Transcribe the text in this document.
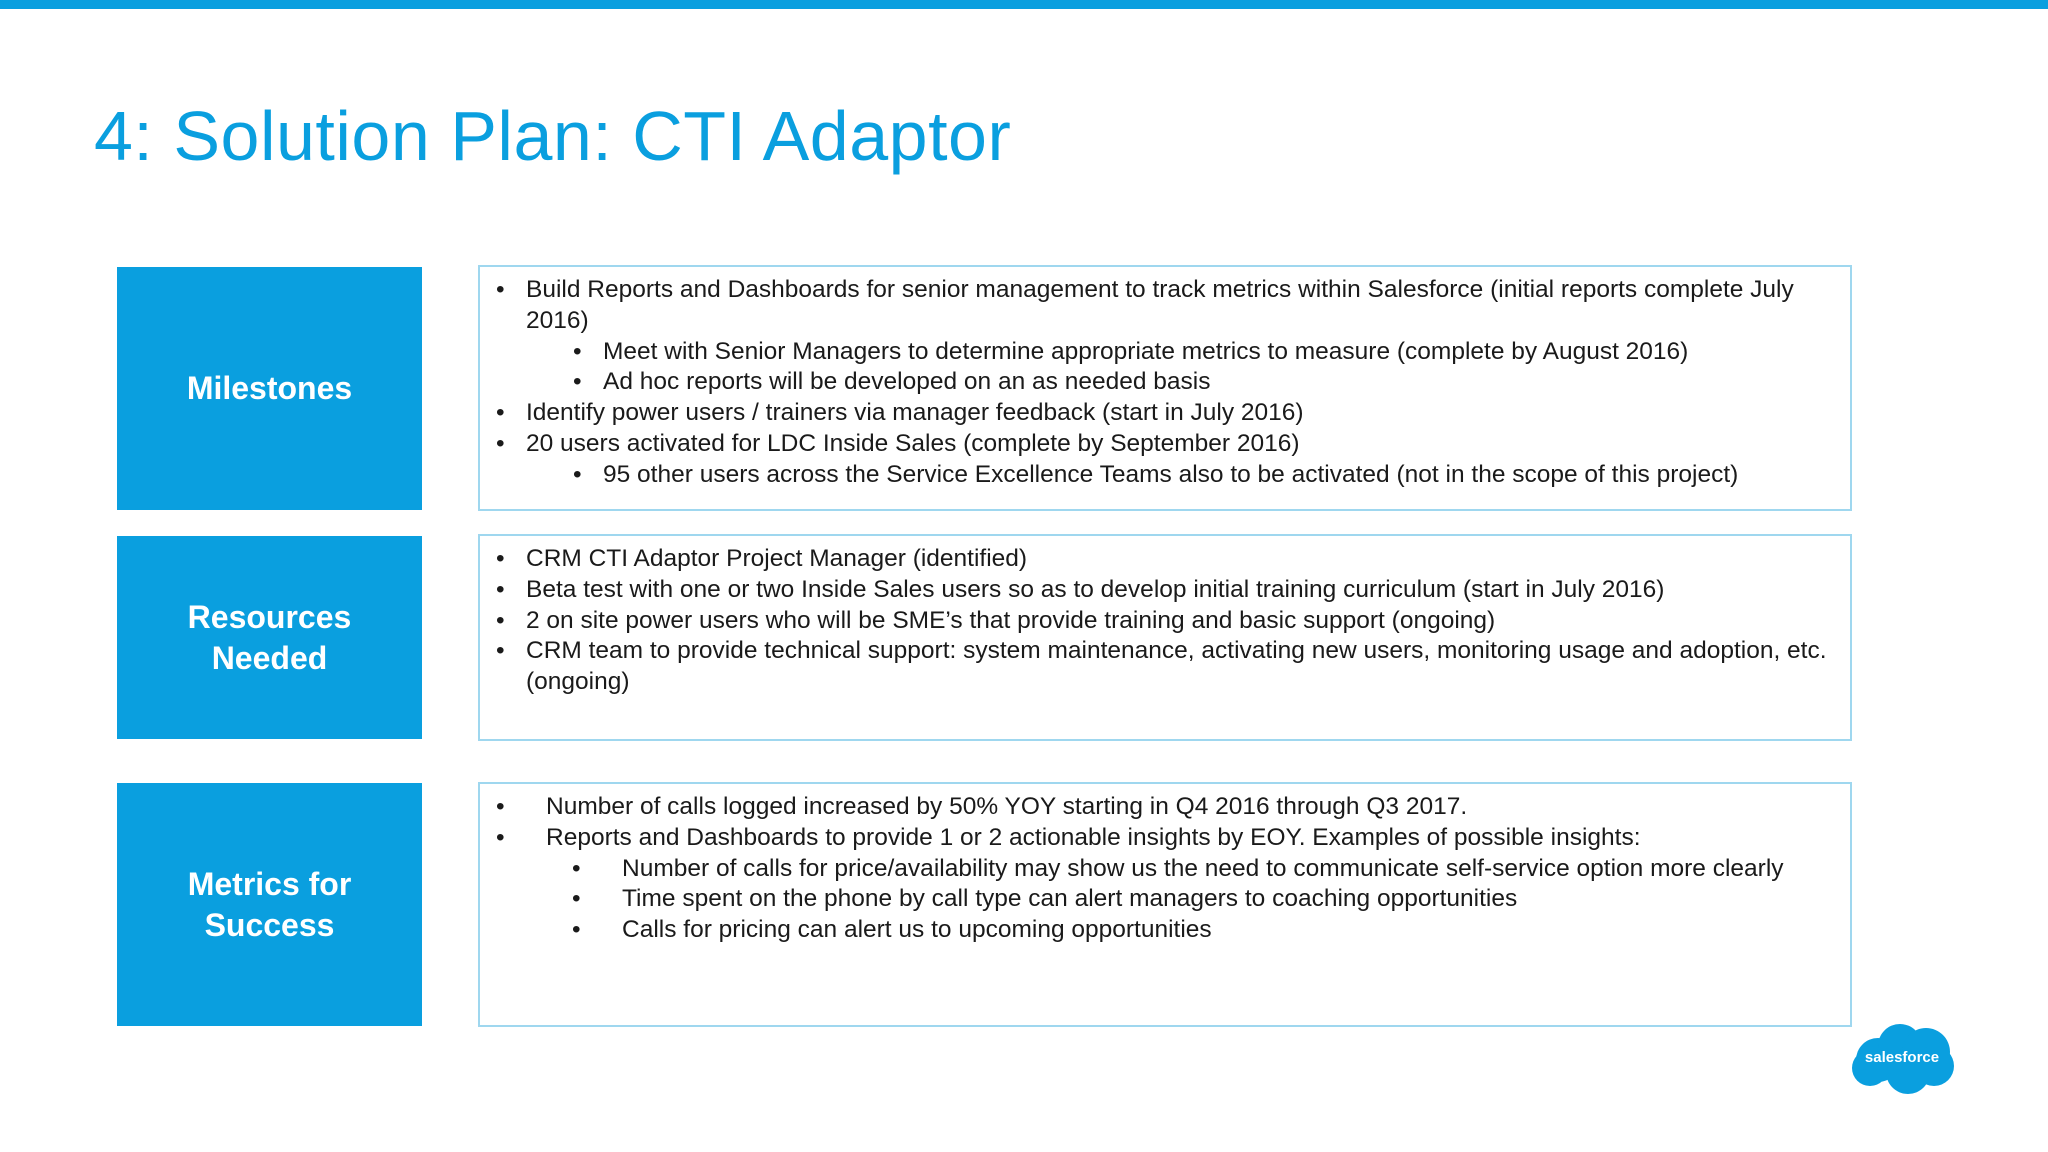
4: Solution Plan: CTI Adaptor
Milestones
• Build Reports and Dashboards for senior management to track metrics within Salesforce (initial reports complete July 2016)
• Meet with Senior Managers to determine appropriate metrics to measure (complete by August 2016)
• Ad hoc reports will be developed on an as needed basis
• Identify power users / trainers via manager feedback (start in July 2016)
• 20 users activated for LDC Inside Sales (complete by September 2016)
• 95 other users across the Service Excellence Teams also to be activated (not in the scope of this project)
Resources
Needed
• CRM CTI Adaptor Project Manager (identified)
• Beta test with one or two Inside Sales users so as to develop initial training curriculum (start in July 2016)
• 2 on site power users who will be SME’s that provide training and basic support (ongoing)
• CRM team to provide technical support: system maintenance, activating new users, monitoring usage and adoption, etc. (ongoing)
Metrics for
Success
• Number of calls logged increased by 50% YOY starting in Q4 2016 through Q3 2017.
• Reports and Dashboards to provide 1 or 2 actionable insights by EOY. Examples of possible insights:
• Number of calls for price/availability may show us the need to communicate self-service option more clearly
• Time spent on the phone by call type can alert managers to coaching opportunities
• Calls for pricing can alert us to upcoming opportunities
salesforce
